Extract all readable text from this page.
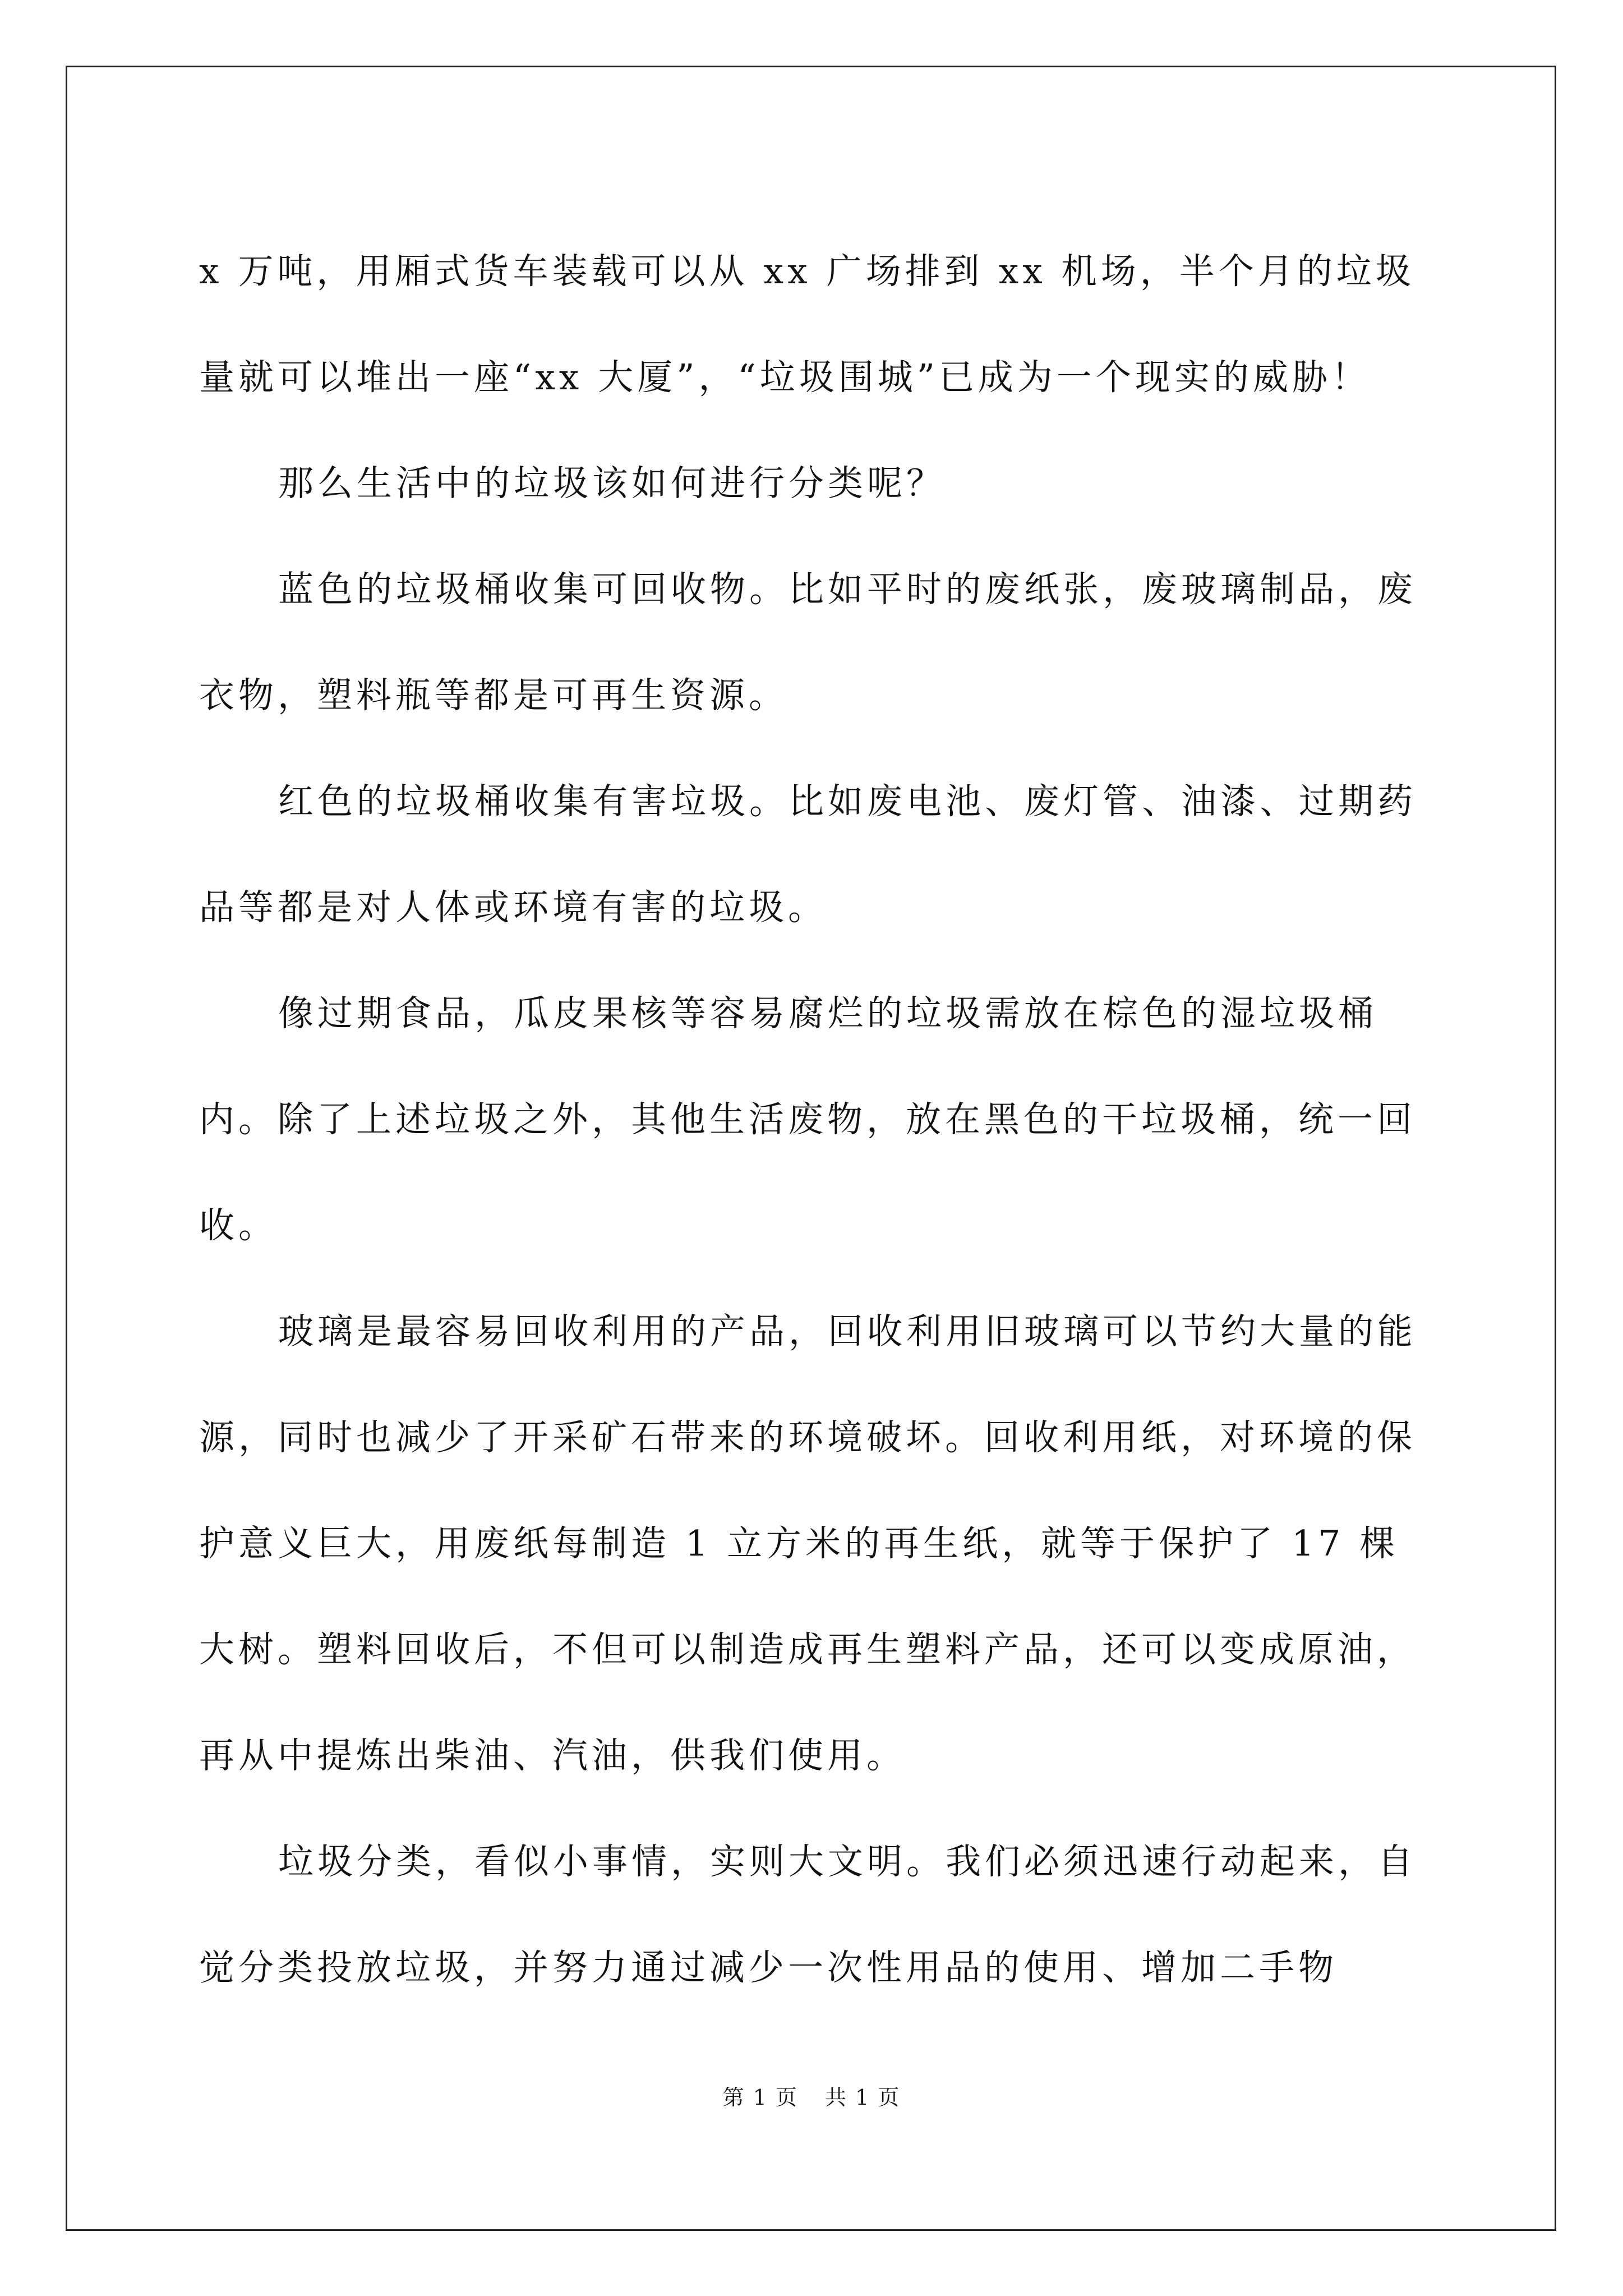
x 万吨，用厢式货车装载可以从 xx 广场排到 xx 机场，半个月的垃圾量就可以堆出一座“xx 大厦”，“垃圾围城”已成为一个现实的威胁！

那么生活中的垃圾该如何进行分类呢？

蓝色的垃圾桶收集可回收物。比如平时的废纸张，废玻璃制品，废衣物，塑料瓶等都是可再生资源。

红色的垃圾桶收集有害垃圾。比如废电池、废灯管、油漆、过期药品等都是对人体或环境有害的垃圾。

像过期食品，瓜皮果核等容易腐烂的垃圾需放在棕色的湿垃圾桶内。除了上述垃圾之外，其他生活废物，放在黑色的干垃圾桶，统一回收。

玻璃是最容易回收利用的产品，回收利用旧玻璃可以节约大量的能源，同时也减少了开采矿石带来的环境破坏。回收利用纸，对环境的保护意义巨大，用废纸每制造 1 立方米的再生纸，就等于保护了 17 棵大树。塑料回收后，不但可以制造成再生塑料产品，还可以变成原油，再从中提炼出柴油、汽油，供我们使用。

垃圾分类，看似小事情，实则大文明。我们必须迅速行动起来，自觉分类投放垃圾，并努力通过减少一次性用品的使用、增加二手物

第 1 页 共 1 页
